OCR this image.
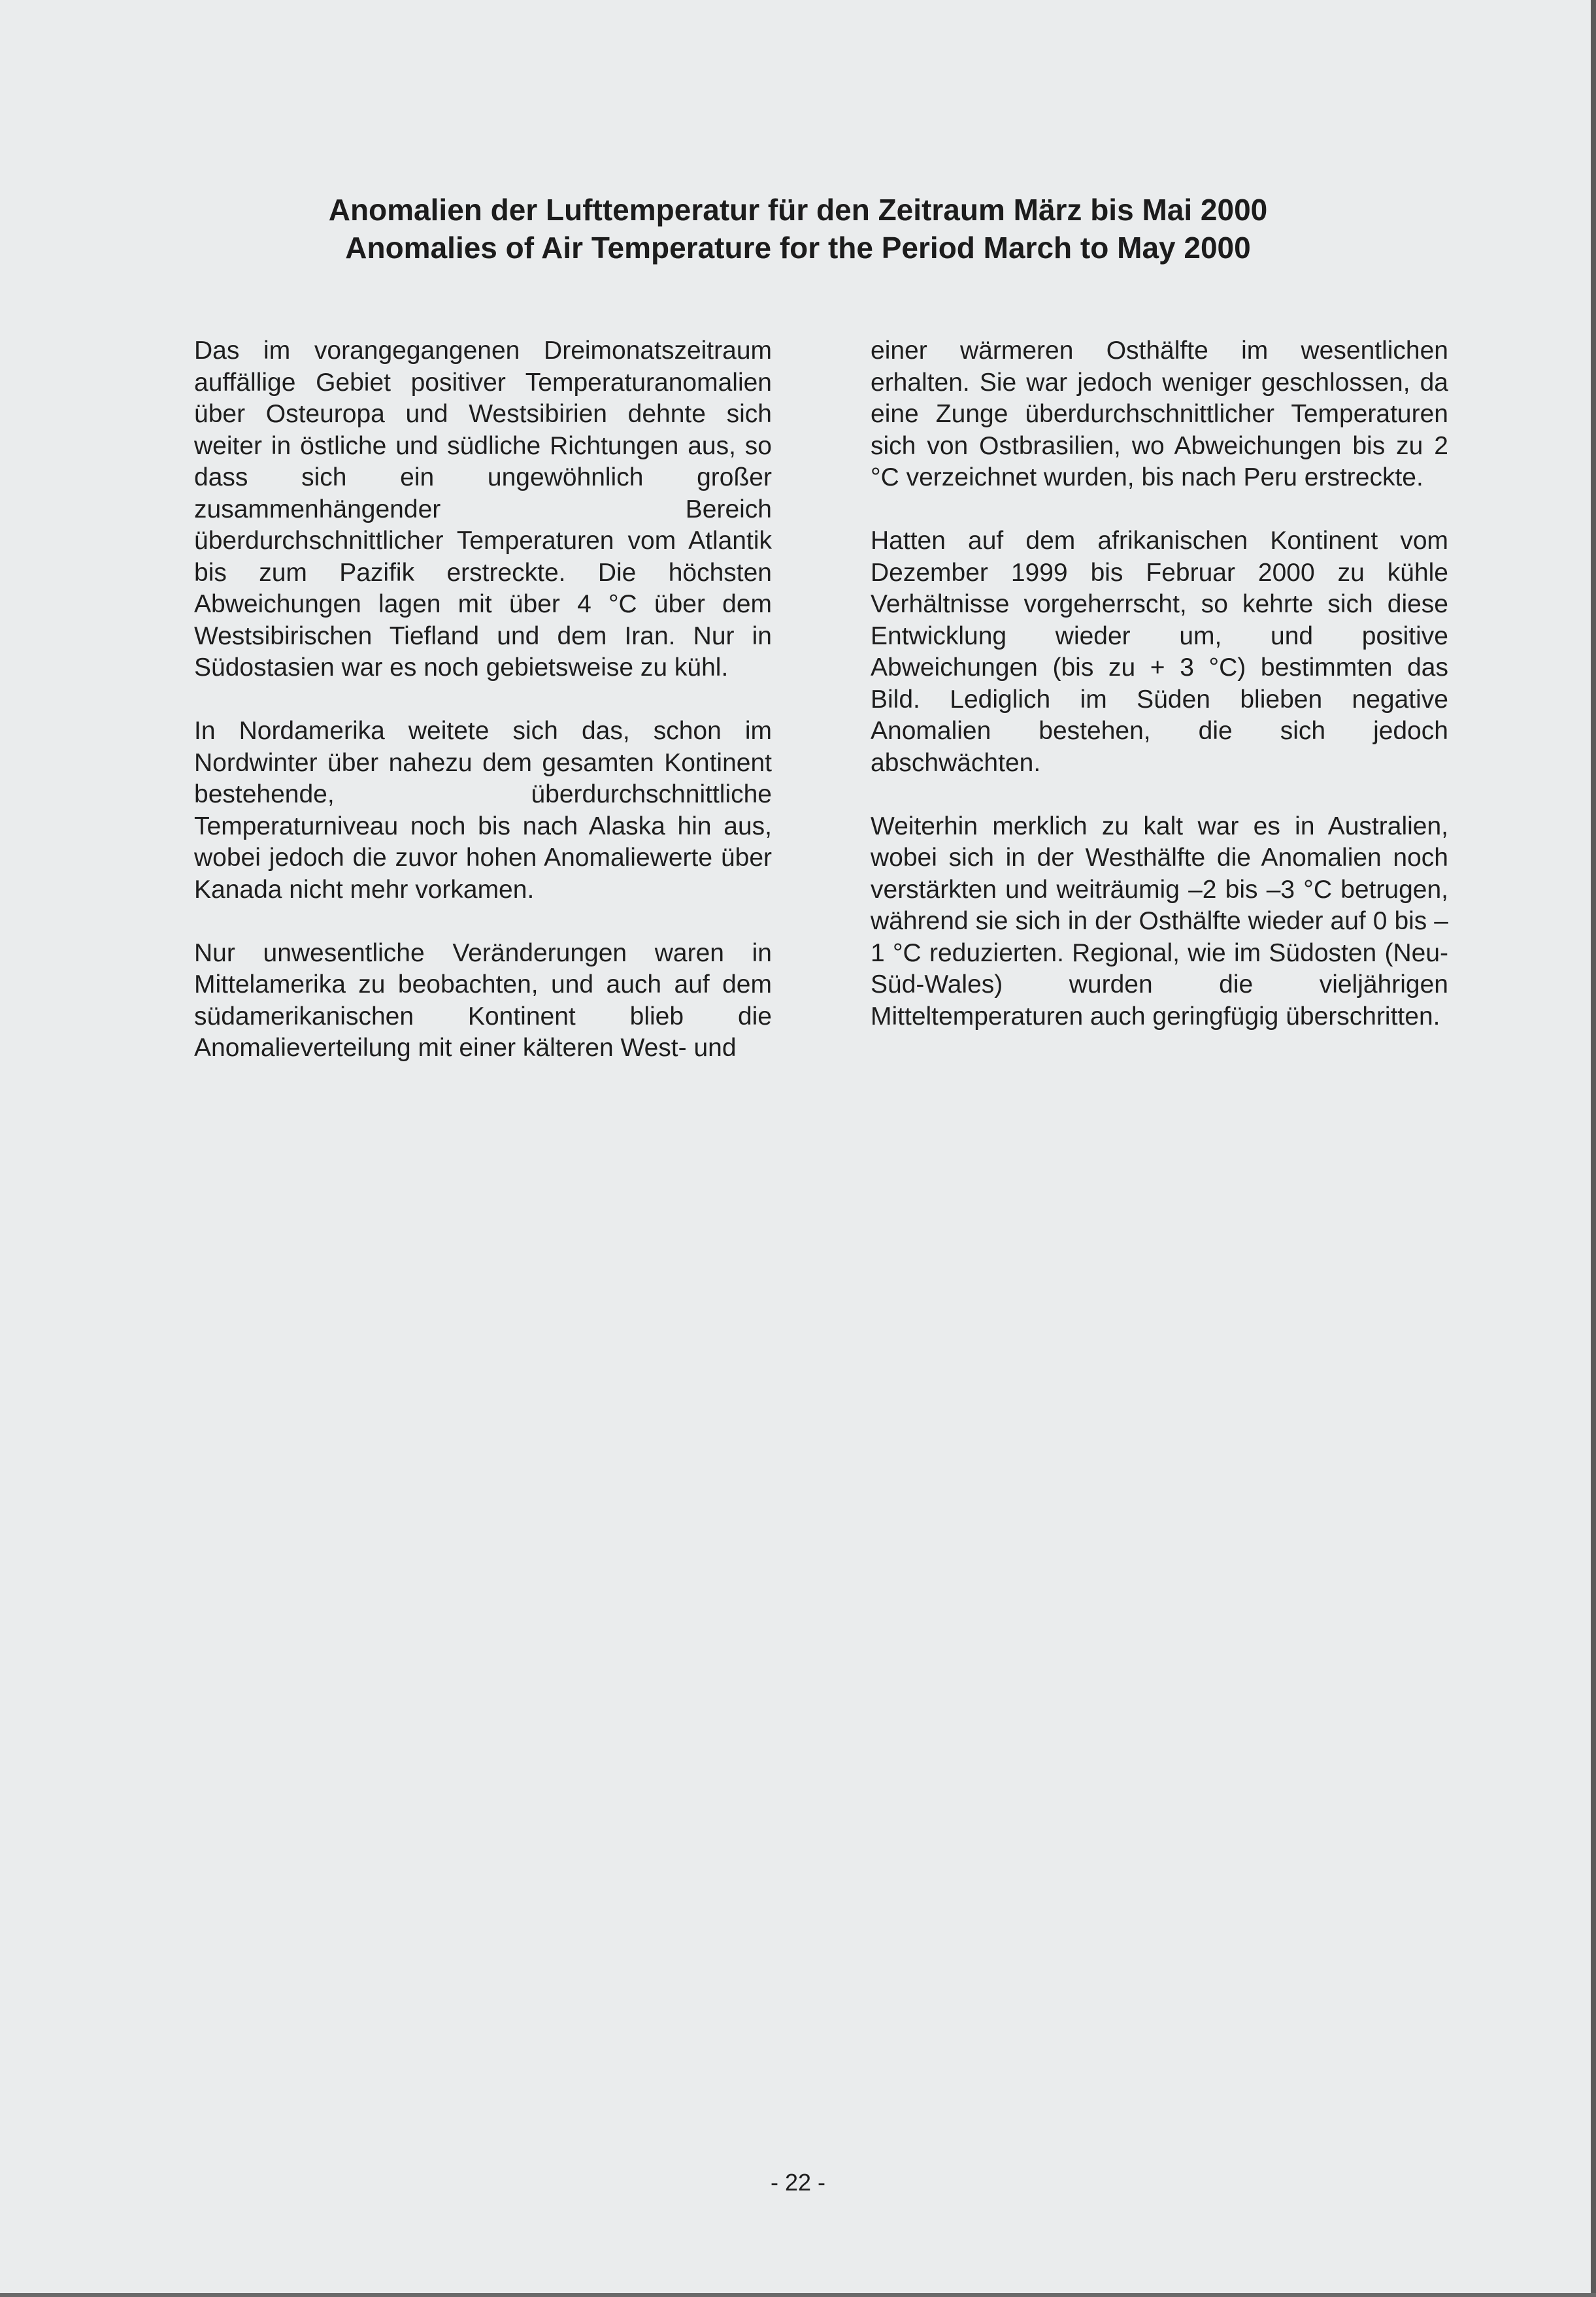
Anomalien der Lufttemperatur für den Zeitraum März bis Mai 2000
Anomalies of Air Temperature for the Period March to May 2000

Das im vorangegangenen Dreimonatszeitraum auffällige Gebiet positiver Temperaturanomalien über Osteuropa und Westsibirien dehnte sich weiter in östliche und südliche Richtungen aus, so dass sich ein ungewöhnlich großer zusammenhängender Bereich überdurchschnittlicher Temperaturen vom Atlantik bis zum Pazifik erstreckte. Die höchsten Abweichungen lagen mit über 4 °C über dem Westsibirischen Tiefland und dem Iran. Nur in Südostasien war es noch gebietsweise zu kühl.

In Nordamerika weitete sich das, schon im Nordwinter über nahezu dem gesamten Kontinent bestehende, überdurchschnittliche Temperaturniveau noch bis nach Alaska hin aus, wobei jedoch die zuvor hohen Anomaliewerte über Kanada nicht mehr vorkamen.

Nur unwesentliche Veränderungen waren in Mittelamerika zu beobachten, und auch auf dem südamerikanischen Kontinent blieb die Anomalieverteilung mit einer kälteren West- und

einer wärmeren Osthälfte im wesentlichen erhalten. Sie war jedoch weniger geschlossen, da eine Zunge überdurchschnittlicher Temperaturen sich von Ostbrasilien, wo Abweichungen bis zu 2 °C verzeichnet wurden, bis nach Peru erstreckte.

Hatten auf dem afrikanischen Kontinent vom Dezember 1999 bis Februar 2000 zu kühle Verhältnisse vorgeherrscht, so kehrte sich diese Entwicklung wieder um, und positive Abweichungen (bis zu + 3 °C) bestimmten das Bild. Lediglich im Süden blieben negative Anomalien bestehen, die sich jedoch abschwächten.

Weiterhin merklich zu kalt war es in Australien, wobei sich in der Westhälfte die Anomalien noch verstärkten und weiträumig –2 bis –3 °C betrugen, während sie sich in der Osthälfte wieder auf 0 bis –1 °C reduzierten. Regional, wie im Südosten (Neu-Süd-Wales) wurden die vieljährigen Mitteltemperaturen auch geringfügig überschritten.

- 22 -
